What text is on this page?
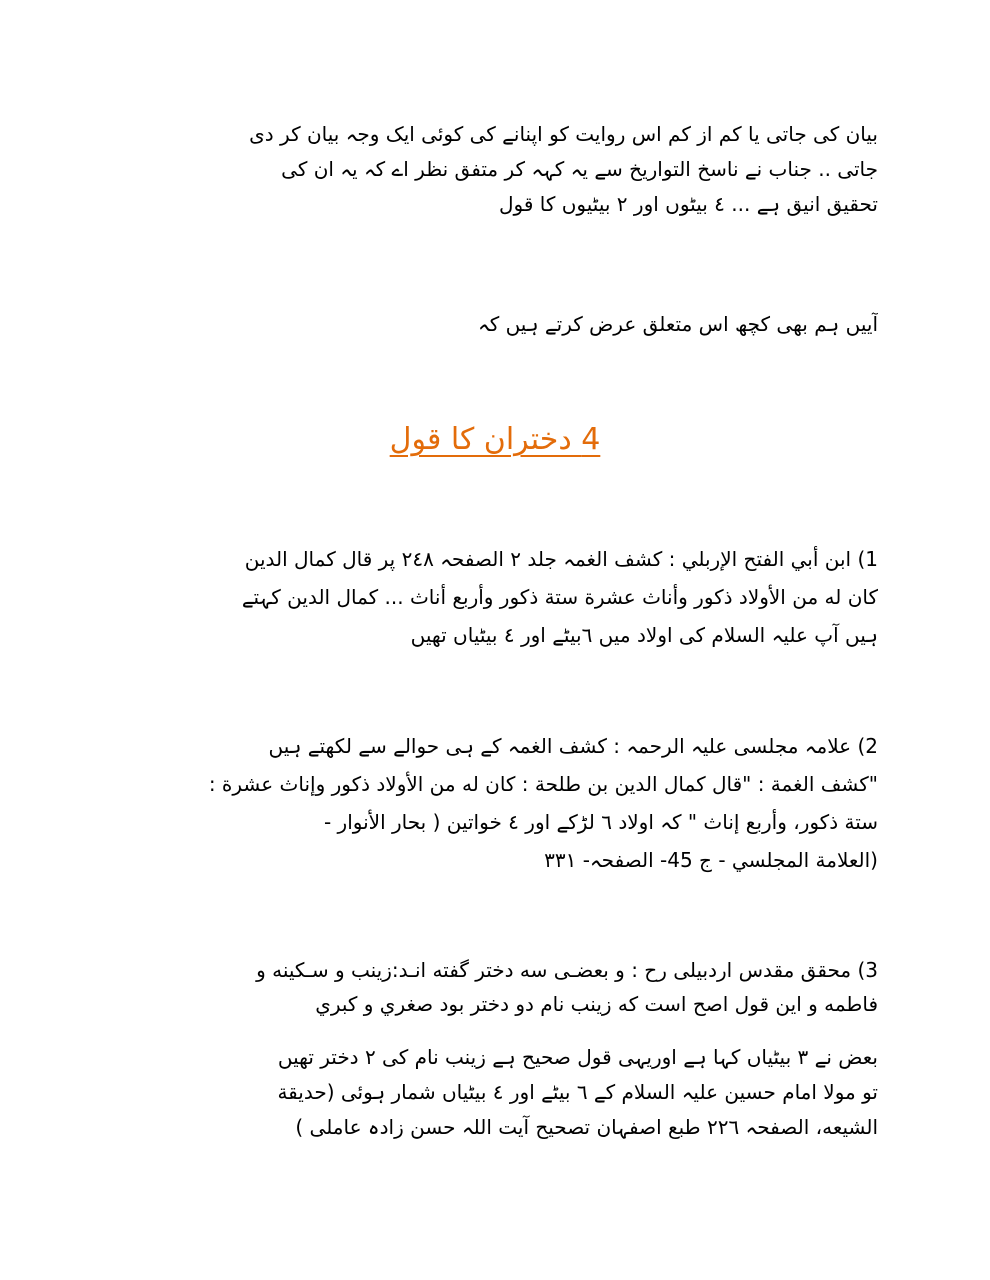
بیان کی جاتی یا کم از کم اس روایت کو اپنانے کی کوئی ایک وجہ بیان کر دی
جاتی .. جناب نے ناسخ التواریخ سے یہ کہہ کر متفق نظر اے کہ یہ ان کی
تحقیق انیق ہے ... ٤ بیٹوں اور ٢ بیٹیوں کا قول
آییں ہم بھی کچھ اس متعلق عرض کرتے ہیں کہ
4 دختران کا قول
1) ابن أبي الفتح الإربلي : کشف الغمہ جلد ٢ الصفحہ ٢٤٨ پر قال کمال الدين
كان له من الأولاد ذكور وأناث عشرة ستة ذكور وأربع أناث ... کمال الدین کہتے
ہیں آپ علیہ السلام کی اولاد میں ٦بیٹے اور ٤ بیٹیاں تھیں
2) علامہ مجلسی علیہ الرحمہ : کشف الغمہ کے ہی حوالے سے لکھتے ہیں
"كشف الغمة : "قال كمال الدين بن طلحة : كان له من الأولاد ذكور وإناث عشرة :
ستة ذكور، وأربع إناث " کہ اولاد ٦ لڑکے اور ٤ خواتین ( بحار الأنوار -
(العلامة المجلسي - ج 45- الصفحہ- ٣٣١
3) محقق مقدس اردبیلی رح : و بعضـی سه دختر گفته انـد:زینب و سـکینه و
فاطمه و این قول اصح است که زينب نام دو دختر بود صغري و کبري
بعض نے ٣ بیٹیاں کہا ہے اوریہی قول صحیح ہے زینب نام کی ٢ دختر تھیں
تو مولا امام حسین علیہ السلام کے ٦ بیٹے اور ٤ بیٹیاں شمار ہوئی (حدیقة
الشیعه، الصفحہ ٢٢٦ طبع اصفہان تصحیح آیت اللہ حسن زادہ عاملی )
